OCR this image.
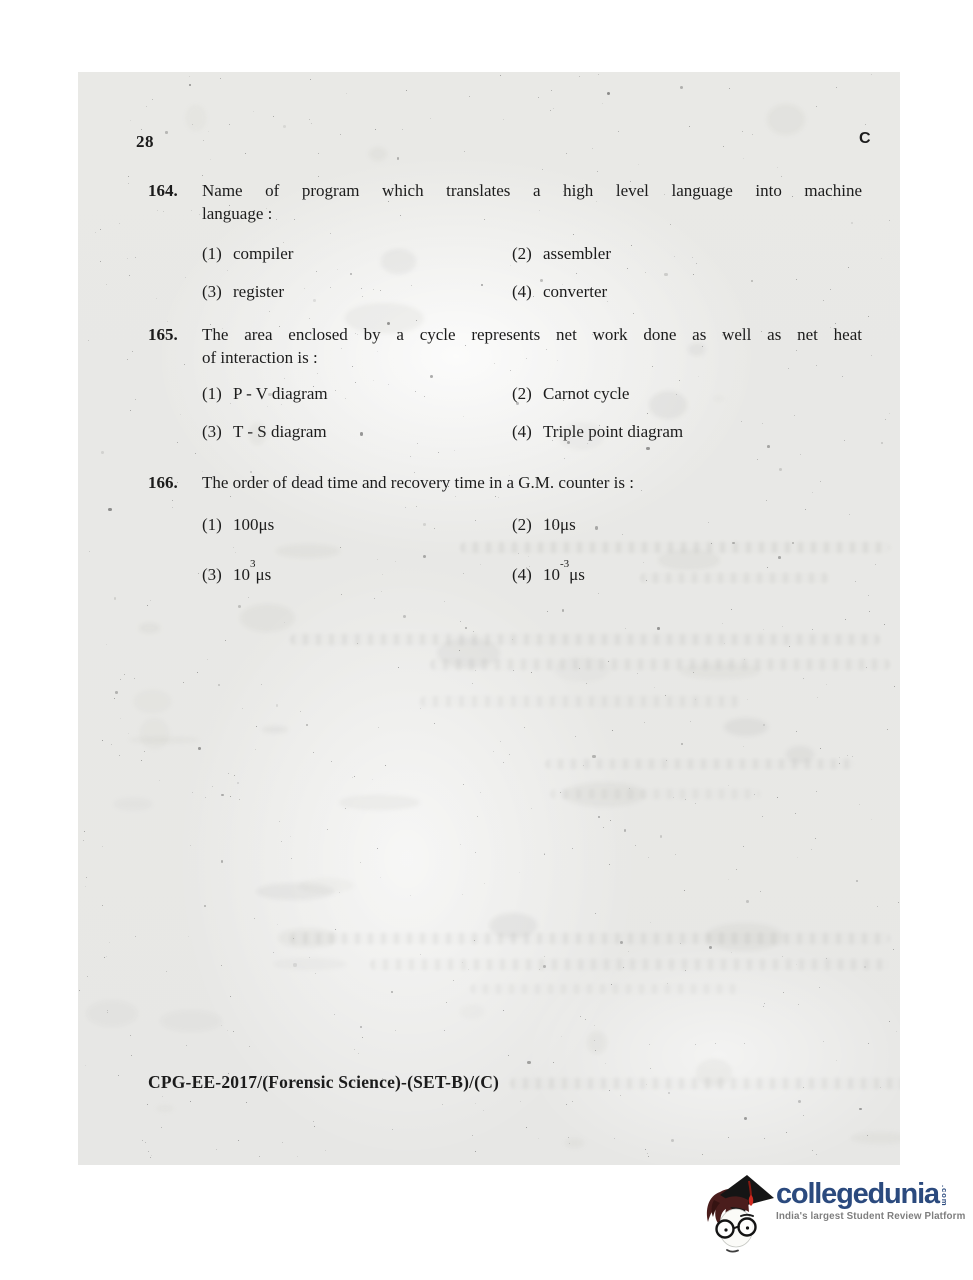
28	C
164.	Name of program which translates a high level language into machine
language :
(1) compiler	(2) assembler
(3) register	(4) converter
165.	The area enclosed by a cycle represents net work done as well as net heat
of interaction is :
(1) P - V diagram	(2) Carnot cycle
(3) T - S diagram	(4) Triple point diagram
166.	The order of dead time and recovery time in a G.M. counter is :
(1) 100μs	(2) 10μs
(3) $10^3\mu s$	(4) $10^{-3}\mu s$
CPG-EE-2017/(Forensic Science)-(SET-B)/(C)
collegedunia .com
India's largest Student Review Platform
